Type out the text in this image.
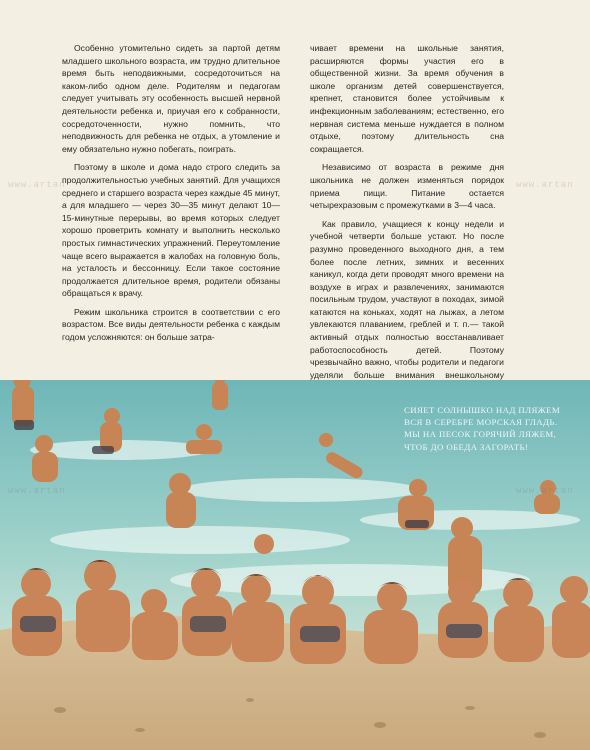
Особенно утомительно сидеть за партой детям младшего школьного возраста, им трудно длительное время быть неподвижными, сосредоточиться на каком-либо одном деле. Родителям и педагогам следует учитывать эту особенность высшей нервной деятельности ребенка и, приучая его к собранности, сосредоточенности, нужно помнить, что неподвижность для ребенка не отдых, а утомление и ему обязательно нужно побегать, поиграть.

Поэтому в школе и дома надо строго следить за продолжительностью учебных занятий. Для учащихся среднего и старшего возраста через каждые 45 минут, а для младшего — через 30—35 минут делают 10—15-минутные перерывы, во время которых следует хорошо проветрить комнату и выполнить несколько простых гимнастических упражнений. Переутомление чаще всего выражается в жалобах на головную боль, на усталость и бессонницу. Если такое состояние продолжается длительное время, родители обязаны обращаться к врачу.

Режим школьника строится в соответствии с его возрастом. Все виды деятельности ребенка с каждым годом усложняются: он больше затра-

чивает времени на школьные занятия, расширяются формы участия его в общественной жизни. За время обучения в школе организм детей совершенствуется, крепнет, становится более устойчивым к инфекционным заболеваниям; естественно, его нервная система меньше нуждается в полном отдыхе, поэтому длительность сна сокращается.

Независимо от возраста в режиме дня школьника не должен изменяться порядок приема пищи. Питание остается четырехразовым с промежутками в 3—4 часа.

Как правило, учащиеся к концу недели и учебной четверти больше устают. Но после разумно проведенного выходного дня, а тем более после летних, зимних и весенних каникул, когда дети проводят много времени на воздухе в играх и развлечениях, занимаются посильным трудом, участвуют в походах, зимой катаются на коньках, ходят на лыжах, а летом увлекаются плаванием, греблей и т. п.— такой активный отдых полностью восстанавливает работоспособность детей. Поэтому чрезвычайно важно, чтобы родители и педагоги уделяли больше внимания внешкольному

СИЯЕТ СОЛНЫШКО НАД ПЛЯЖЕМ
ВСЯ В СЕРЕБРЕ МОРСКАЯ ГЛАДЬ.
МЫ НА ПЕСОК ГОРЯЧИЙ ЛЯЖЕМ,
ЧТОБ ДО ОБЕДА ЗАГОРАТЬ!
www.artan	www.artan
www.artan	www.artan
